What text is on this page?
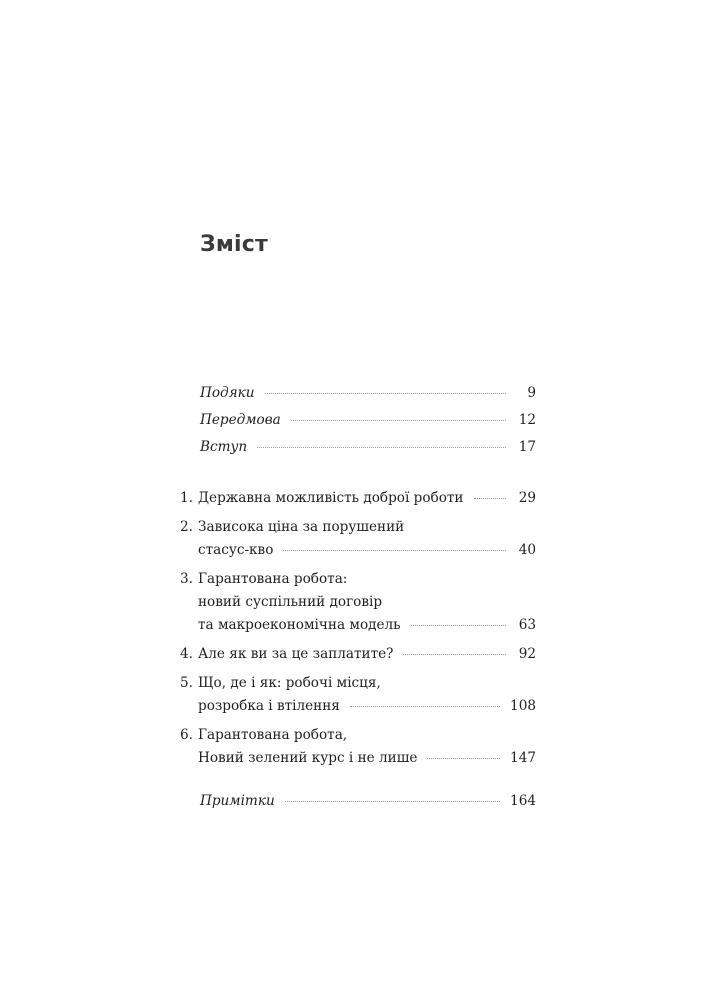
Зміст
Подяки	9
Передмова	12
Вступ	17
1. Державна можливість доброї роботи	29
2. Зависока ціна за порушений
стасус-кво	40
3. Гарантована робота:
новий суспільний договір
та макроекономічна модель	63
4. Але як ви за це заплатите?	92
5. Що, де і як: робочі місця,
розробка і втілення	108
6. Гарантована робота,
Новий зелений курс і не лише	147
Примітки	164
